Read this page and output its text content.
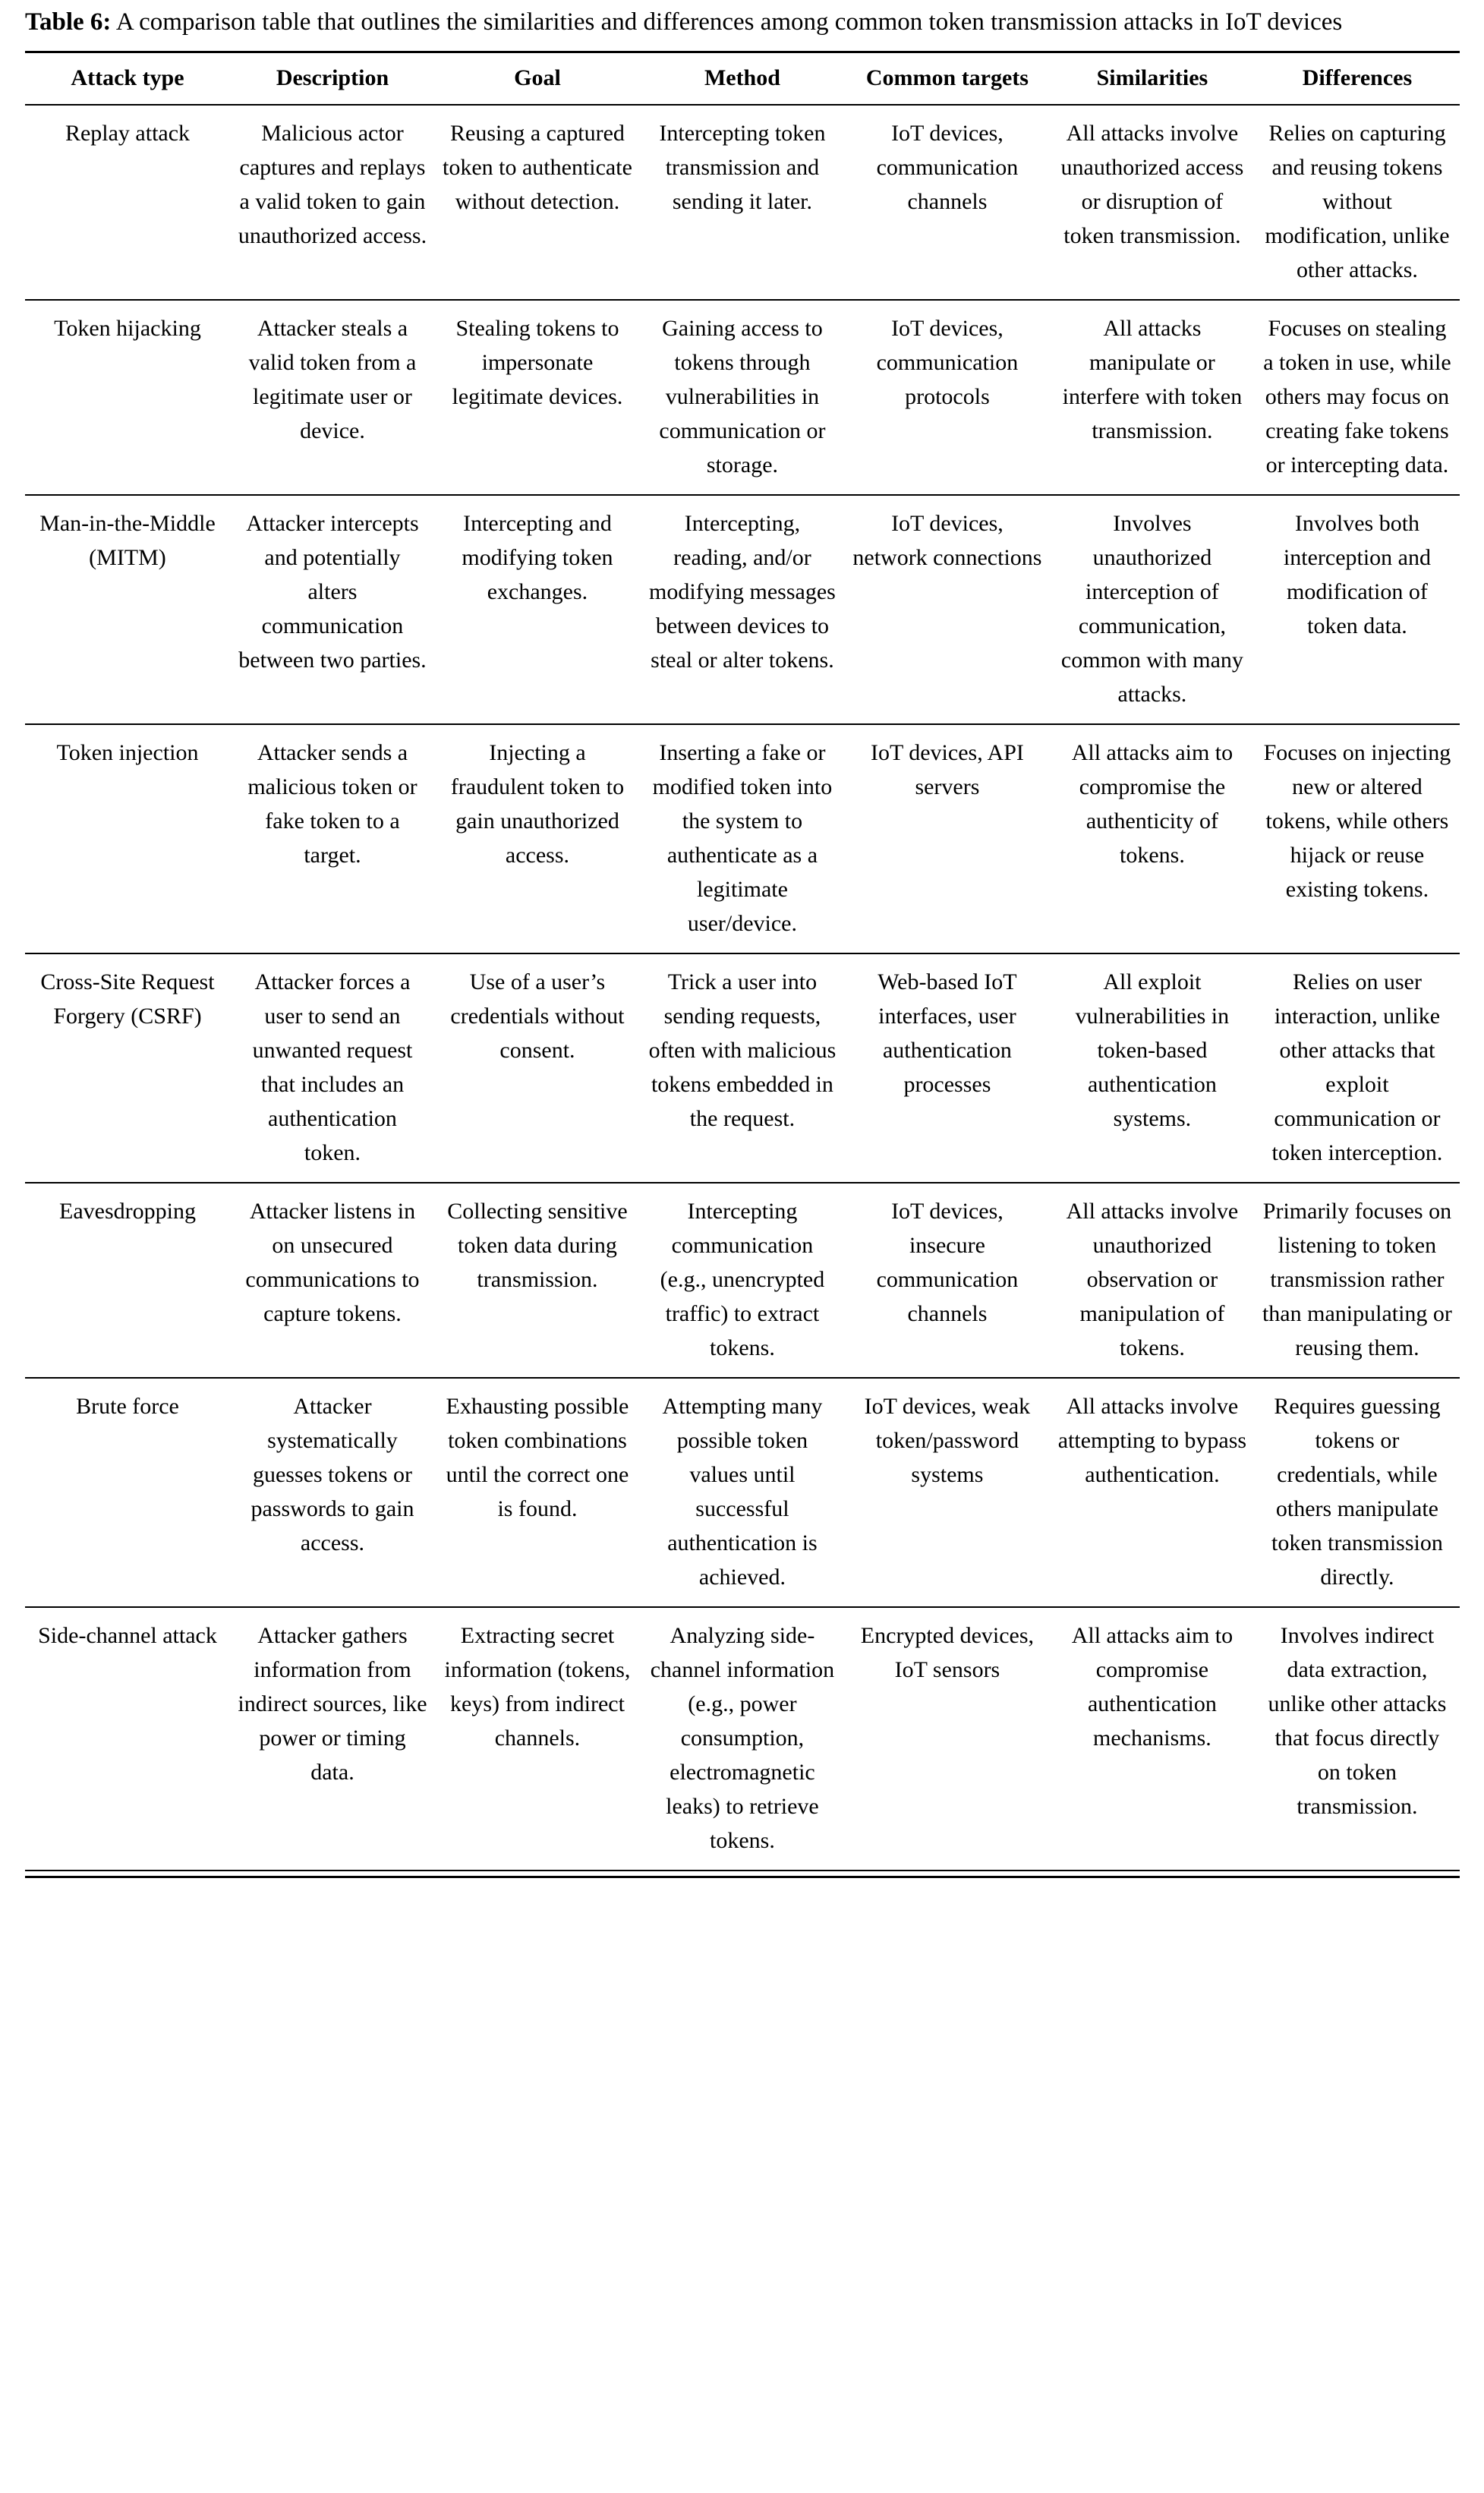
Table 6: A comparison table that outlines the similarities and differences among common token transmission attacks in IoT devices
Attack type	Description	Goal	Method	Common targets	Similarities	Differences
Replay attack	Malicious actor captures and replays a valid token to gain unauthorized access.	Reusing a captured token to authenticate without detection.	Intercepting token transmission and sending it later.	IoT devices, communication channels	All attacks involve unauthorized access or disruption of token transmission.	Relies on capturing and reusing tokens without modification, unlike other attacks.
Token hijacking	Attacker steals a valid token from a legitimate user or device.	Stealing tokens to impersonate legitimate devices.	Gaining access to tokens through vulnerabilities in communication or storage.	IoT devices, communication protocols	All attacks manipulate or interfere with token transmission.	Focuses on stealing a token in use, while others may focus on creating fake tokens or intercepting data.
Man-in-the-Middle (MITM)	Attacker intercepts and potentially alters communication between two parties.	Intercepting and modifying token exchanges.	Intercepting, reading, and/or modifying messages between devices to steal or alter tokens.	IoT devices, network connections	Involves unauthorized interception of communication, common with many attacks.	Involves both interception and modification of token data.
Token injection	Attacker sends a malicious token or fake token to a target.	Injecting a fraudulent token to gain unauthorized access.	Inserting a fake or modified token into the system to authenticate as a legitimate user/device.	IoT devices, API servers	All attacks aim to compromise the authenticity of tokens.	Focuses on injecting new or altered tokens, while others hijack or reuse existing tokens.
Cross-Site Request Forgery (CSRF)	Attacker forces a user to send an unwanted request that includes an authentication token.	Use of a user’s credentials without consent.	Trick a user into sending requests, often with malicious tokens embedded in the request.	Web-based IoT interfaces, user authentication processes	All exploit vulnerabilities in token-based authentication systems.	Relies on user interaction, unlike other attacks that exploit communication or token interception.
Eavesdropping	Attacker listens in on unsecured communications to capture tokens.	Collecting sensitive token data during transmission.	Intercepting communication (e.g., unencrypted traffic) to extract tokens.	IoT devices, insecure communication channels	All attacks involve unauthorized observation or manipulation of tokens.	Primarily focuses on listening to token transmission rather than manipulating or reusing them.
Brute force	Attacker systematically guesses tokens or passwords to gain access.	Exhausting possible token combinations until the correct one is found.	Attempting many possible token values until successful authentication is achieved.	IoT devices, weak token/password systems	All attacks involve attempting to bypass authentication.	Requires guessing tokens or credentials, while others manipulate token transmission directly.
Side-channel attack	Attacker gathers information from indirect sources, like power or timing data.	Extracting secret information (tokens, keys) from indirect channels.	Analyzing side-channel information (e.g., power consumption, electromagnetic leaks) to retrieve tokens.	Encrypted devices, IoT sensors	All attacks aim to compromise authentication mechanisms.	Involves indirect data extraction, unlike other attacks that focus directly on token transmission.
